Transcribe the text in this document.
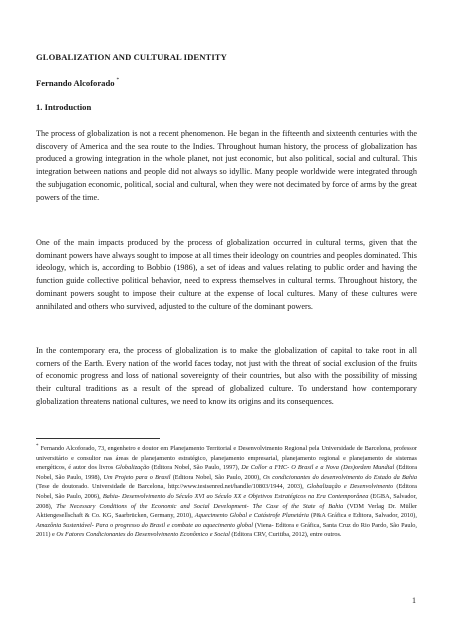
GLOBALIZATION AND CULTURAL IDENTITY
Fernando Alcoforado *
1. Introduction

The process of globalization is not a recent phenomenon. He began in the fifteenth and sixteenth centuries with the discovery of America and the sea route to the Indies. Throughout human history, the process of globalization has produced a growing integration in the whole planet, not just economic, but also political, social and cultural. This integration between nations and people did not always so idyllic. Many people worldwide were integrated through the subjugation economic, political, social and cultural, when they were not decimated by force of arms by the great powers of the time.

One of the main impacts produced by the process of globalization occurred in cultural terms, given that the dominant powers have always sought to impose at all times their ideology on countries and peoples dominated. This ideology, which is, according to Bobbio (1986), a set of ideas and values relating to public order and having the function guide collective political behavior, need to express themselves in cultural terms. Throughout history, the dominant powers sought to impose their culture at the expense of local cultures. Many of these cultures were annihilated and others who survived, adjusted to the culture of the dominant powers.

In the contemporary era, the process of globalization is to make the globalization of capital to take root in all corners of the Earth. Every nation of the world faces today, not just with the threat of social exclusion of the fruits of economic progress and loss of national sovereignty of their countries, but also with the possibility of missing their cultural traditions as a result of the spread of globalized culture. To understand how contemporary globalization threatens national cultures, we need to know its origins and its consequences.

* Fernando Alcoforado, 73, engenheiro e doutor em Planejamento Territorial e Desenvolvimento Regional pela Universidade de Barcelona, professor universitário e consultor nas áreas de planejamento estratégico, planejamento empresarial, planejamento regional e planejamento de sistemas energéticos, é autor dos livros Globalização (Editora Nobel, São Paulo, 1997), De Collor a FHC- O Brasil e a Nova (Des)ordem Mundial (Editora Nobel, São Paulo, 1998), Um Projeto para o Brasil (Editora Nobel, São Paulo, 2000), Os condicionantes do desenvolvimento do Estado da Bahia (Tese de doutorado. Universidade de Barcelona, http://www.tesisenred.net/handle/10803/1944, 2003), Globalização e Desenvolvimento (Editora Nobel, São Paulo, 2006), Bahia- Desenvolvimento do Século XVI ao Século XX e Objetivos Estratégicos na Era Contemporânea (EGBA, Salvador, 2008), The Necessary Conditions of the Economic and Social Development- The Case of the State of Bahia (VDM Verlag Dr. Müller Aktiengesellschaft & Co. KG, Saarbrücken, Germany, 2010), Aquecimento Global e Catástrofe Planetária (P&A Gráfica e Editora, Salvador, 2010), Amazônia Sustentável- Para o progresso do Brasil e combate ao aquecimento global (Viena- Editora e Gráfica, Santa Cruz do Rio Pardo, São Paulo, 2011) e Os Fatores Condicionantes do Desenvolvimento Econômico e Social (Editora CRV, Curitiba, 2012), entre outros.

1
